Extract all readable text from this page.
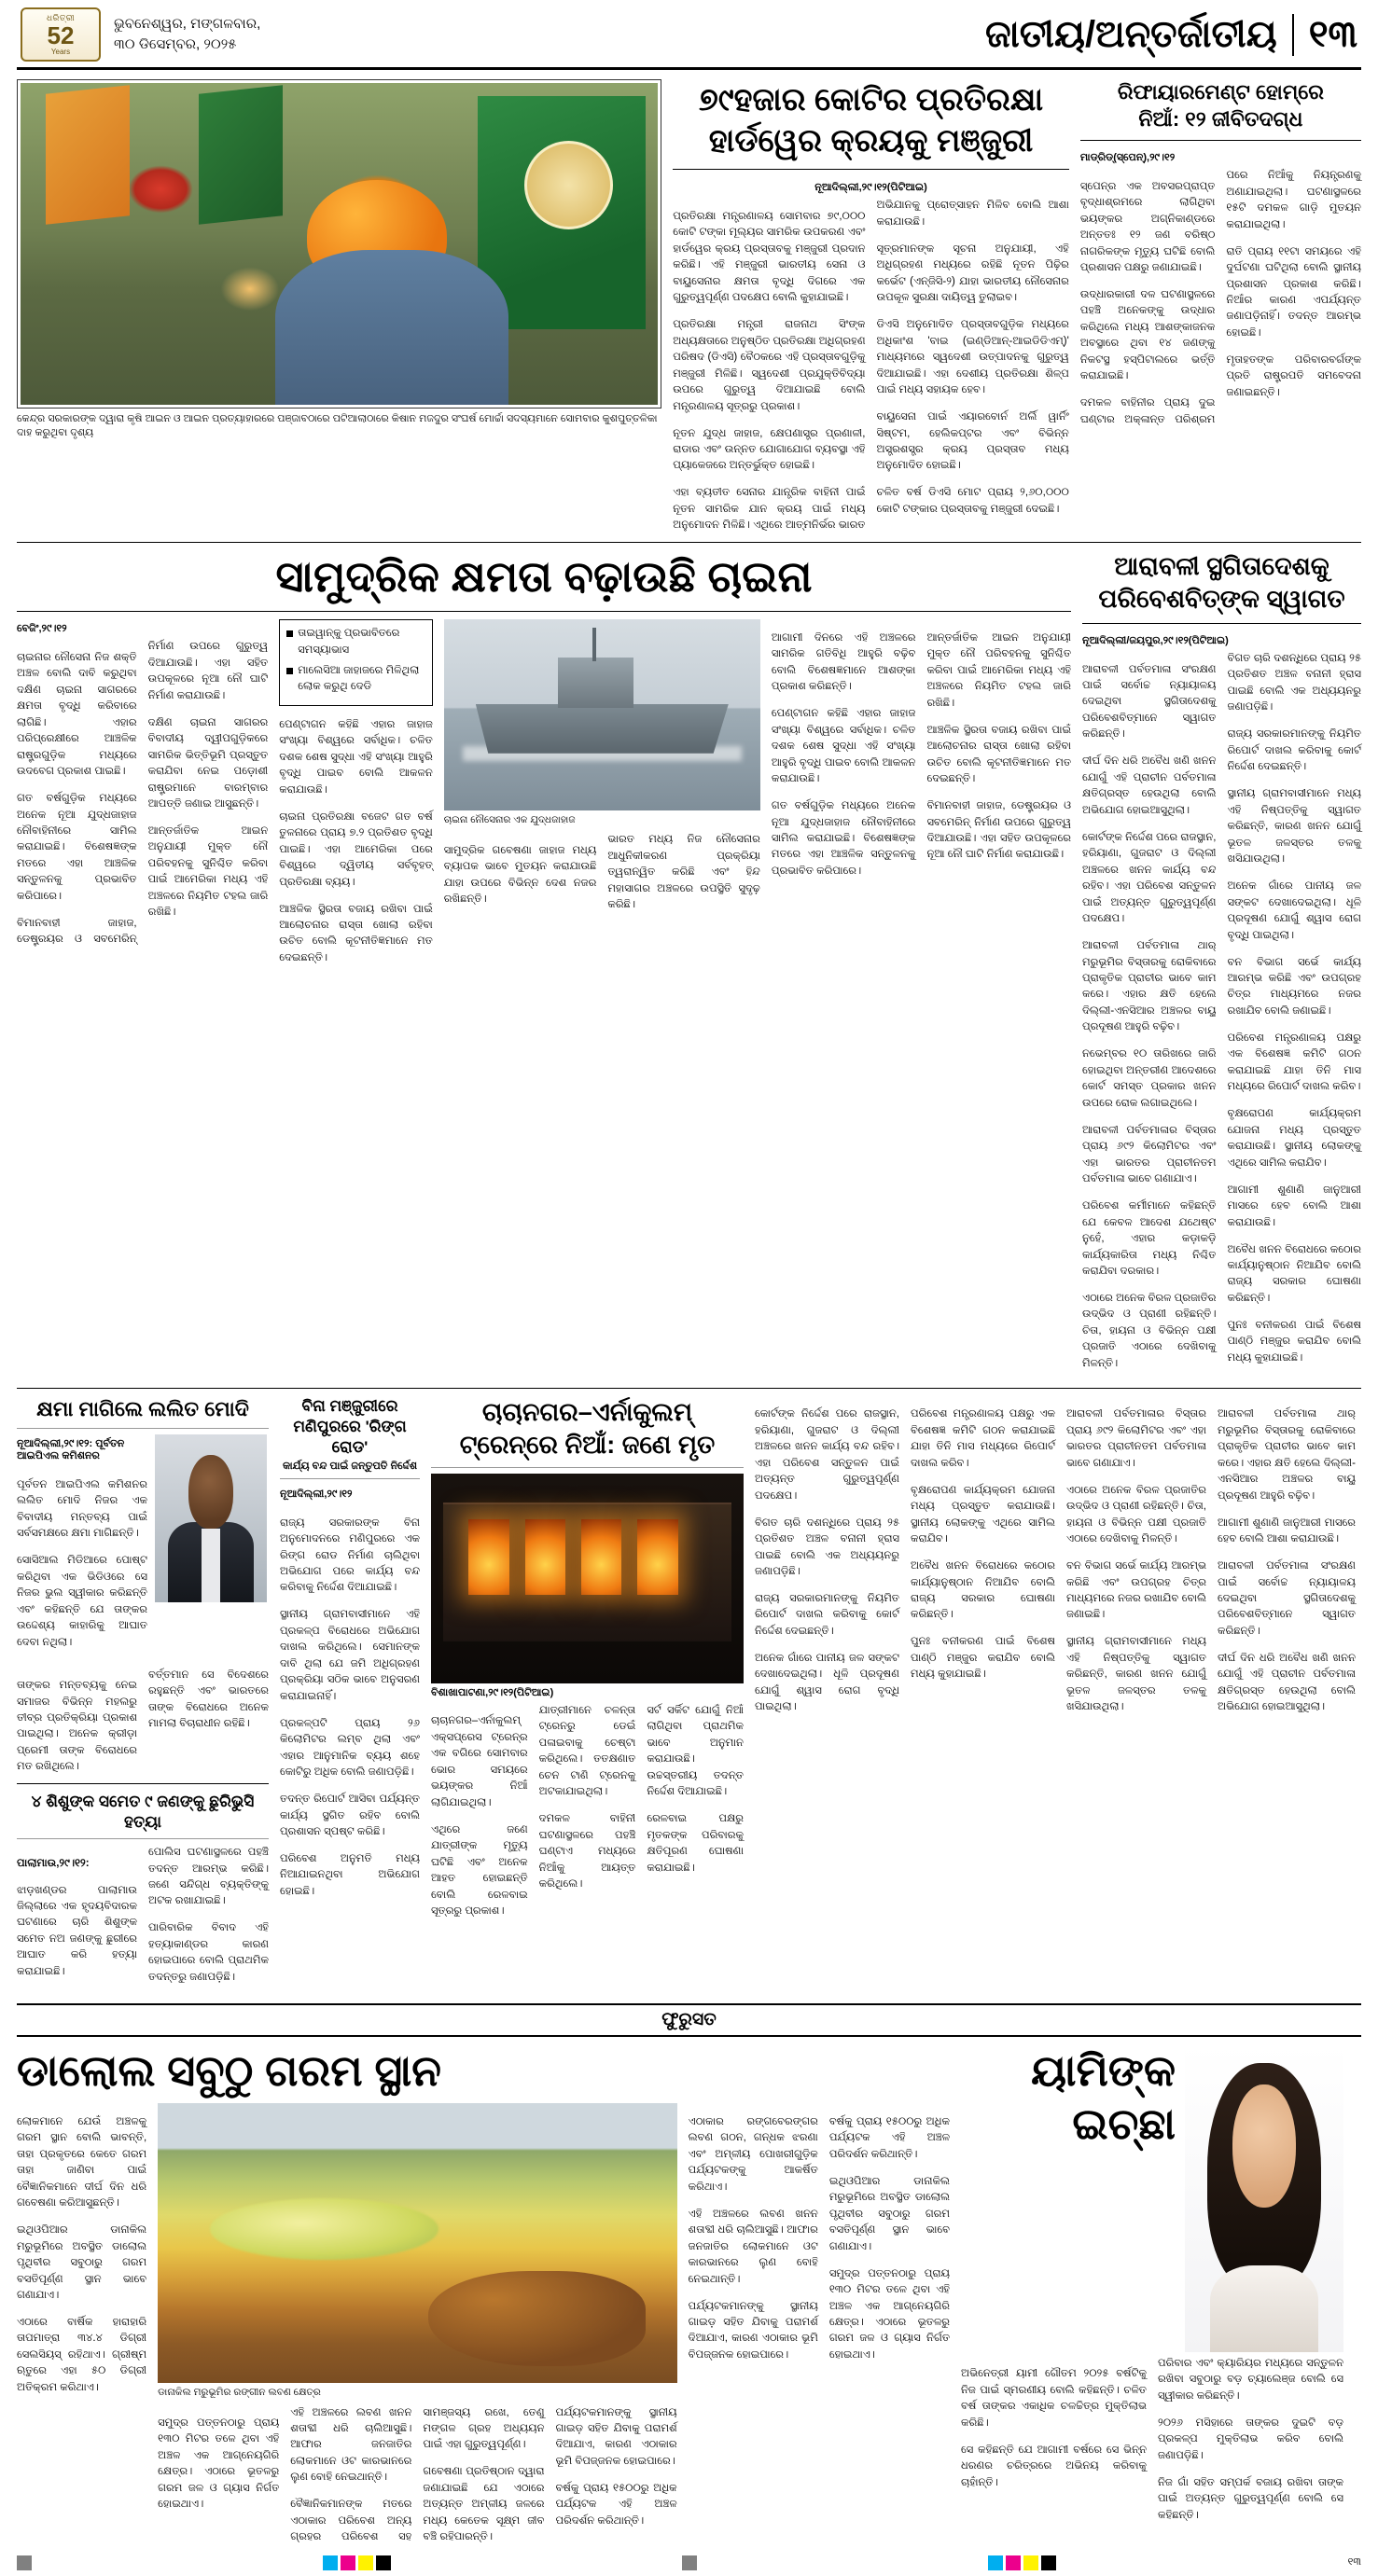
ଧରିତ୍ରୀ
52
Years
ଭୁବନେଶ୍ୱର, ମଙ୍ଗଳବାର,
୩୦ ଡିସେମ୍ବର, ୨୦୨୫	ଜାତୀୟ/ଅନ୍ତର୍ଜାତୀୟ ୧୩
କେନ୍ଦ୍ର ସରକାରଙ୍କ ଦ୍ୱାରା କୃଷି ଆଇନ ଓ ଆଇନ ପ୍ରତ୍ୟାହାରରେ ପଞ୍ଜାବଠାରେ ପଟିଆଲାଠାରେ କିଷାନ ମଜଦୁର ସଂଘର୍ଷ ମୋର୍ଚ୍ଚା ସଦସ୍ୟମାନେ ସୋମବାର କୁଶପୁତ୍ତଳିକା ଦାହ କରୁଥିବା ଦୃଶ୍ୟ
୭୯ହଜାର କୋଟିର ପ୍ରତିରକ୍ଷା
ହାର୍ଡୱେର କ୍ରୟକୁ ମଞ୍ଜୁରୀ
ନୂଆଦିଲ୍ଲୀ,୨୯।୧୨(ପିଟିଆଇ)

ପ୍ରତିରକ୍ଷା ମନ୍ତ୍ରଣାଳୟ ସୋମବାର ୭୯,୦୦୦ କୋଟି ଟଙ୍କା ମୂଲ୍ୟର ସାମରିକ ଉପକରଣ ଏବଂ ହାର୍ଡୱେର କ୍ରୟ ପ୍ରସ୍ତାବକୁ ମଞ୍ଜୁରୀ ପ୍ରଦାନ କରିଛି। ଏହି ମଞ୍ଜୁରୀ ଭାରତୀୟ ସେନା ଓ ବାୟୁସେନାର କ୍ଷମତା ବୃଦ୍ଧି ଦିଗରେ ଏକ ଗୁରୁତ୍ୱପୂର୍ଣ୍ଣ ପଦକ୍ଷେପ ବୋଲି କୁହାଯାଇଛି।

ପ୍ରତିରକ୍ଷା ମନ୍ତ୍ରୀ ରାଜନାଥ ସିଂଙ୍କ ଅଧ୍ୟକ୍ଷତାରେ ଅନୁଷ୍ଠିତ ପ୍ରତିରକ୍ଷା ଅଧିଗ୍ରହଣ ପରିଷଦ (ଡିଏସି) ବୈଠକରେ ଏହି ପ୍ରସ୍ତାବଗୁଡ଼ିକୁ ମଞ୍ଜୁରୀ ମିଳିଛି। ସ୍ୱଦେଶୀ ପ୍ରଯୁକ୍ତିବିଦ୍ୟା ଉପରେ ଗୁରୁତ୍ୱ ଦିଆଯାଇଛି ବୋଲି ମନ୍ତ୍ରଣାଳୟ ସୂତ୍ରରୁ ପ୍ରକାଶ।

ନୂତନ ଯୁଦ୍ଧ ଜାହାଜ, କ୍ଷେପଣାସ୍ତ୍ର ପ୍ରଣାଳୀ, ରାଡାର ଏବଂ ଉନ୍ନତ ଯୋଗାଯୋଗ ବ୍ୟବସ୍ଥା ଏହି ପ୍ୟାକେଜରେ ଅନ୍ତର୍ଭୁକ୍ତ ହୋଇଛି।

ଏହା ବ୍ୟତୀତ ସେନାର ଯାନ୍ତ୍ରିକ ବାହିନୀ ପାଇଁ ନୂତନ ସାମରିକ ଯାନ କ୍ରୟ ପାଇଁ ମଧ୍ୟ ଅନୁମୋଦନ ମିଳିଛି। ଏଥିରେ ଆତ୍ମନିର୍ଭର ଭାରତ ଅଭିଯାନକୁ ପ୍ରୋତ୍ସାହନ ମିଳିବ ବୋଲି ଆଶା କରାଯାଉଛି।

ସୂତ୍ରମାନଙ୍କ ସୂଚନା ଅନୁଯାୟୀ, ଏହି ଅଧିଗ୍ରହଣ ମଧ୍ୟରେ ରହିଛି ନୂତନ ପିଢ଼ିର କର୍ଭେଟ (ଏନ୍‌ଜିସି-୨) ଯାହା ଭାରତୀୟ ନୌସେନାର ଉପକୂଳ ସୁରକ୍ଷା ଦାୟିତ୍ୱ ତୁଲାଇବ।

ଡିଏସି ଅନୁମୋଦିତ ପ୍ରସ୍ତାବଗୁଡ଼ିକ ମଧ୍ୟରେ ଅଧିକାଂଶ 'ବାଇ (ଇଣ୍ଡିଆନ୍‌-ଆଇଡିଡିଏମ୍)' ମାଧ୍ୟମରେ ସ୍ୱଦେଶୀ ଉତ୍ପାଦନକୁ ଗୁରୁତ୍ୱ ଦିଆଯାଇଛି। ଏହା ଦେଶୀୟ ପ୍ରତିରକ୍ଷା ଶିଳ୍ପ ପାଇଁ ମଧ୍ୟ ସହାୟକ ହେବ।

ବାୟୁସେନା ପାଇଁ ଏୟାରବୋର୍ନ ଅର୍ଲି ୱାର୍ନିଂ ସିଷ୍ଟମ, ହେଲିକପ୍ଟର ଏବଂ ବିଭିନ୍ନ ଅସ୍ତ୍ରଶସ୍ତ୍ର କ୍ରୟ ପ୍ରସ୍ତାବ ମଧ୍ୟ ଅନୁମୋଦିତ ହୋଇଛି।

ଚଳିତ ବର୍ଷ ଡିଏସି ମୋଟ ପ୍ରାୟ ୨,୬୦,୦୦୦ କୋଟି ଟଙ୍କାର ପ୍ରସ୍ତାବକୁ ମଞ୍ଜୁରୀ ଦେଇଛି।

ରିଫାୟାରମେଣ୍ଟ ହୋମ୍‌ରେ
ନିଆଁ: ୧୨ ଜୀବିତଦଗ୍ଧ
ମାଡ୍ରିଡ୍‌(ସ୍ପେନ୍),୨୯।୧୨

ସ୍ପେନ୍‌ର ଏକ ଅବସରପ୍ରାପ୍ତ ବୃଦ୍ଧାଶ୍ରମରେ ଲାଗିଥିବା ଭୟଙ୍କର ଅଗ୍ନିକାଣ୍ଡରେ ଅନ୍ତତଃ ୧୨ ଜଣ ବରିଷ୍ଠ ନାଗରିକଙ୍କ ମୃତ୍ୟୁ ଘଟିଛି ବୋଲି ପ୍ରଶାସନ ପକ୍ଷରୁ ଜଣାଯାଇଛି।

ଉଦ୍ଧାରକାରୀ ଦଳ ଘଟଣାସ୍ଥଳରେ ପହଞ୍ଚି ଅନେକଙ୍କୁ ଉଦ୍ଧାର କରିଥିଲେ ମଧ୍ୟ ଆଶଙ୍କାଜନକ ଅବସ୍ଥାରେ ଥିବା ୧୪ ଜଣଙ୍କୁ ନିକଟସ୍ଥ ହସ୍ପିଟାଲରେ ଭର୍ତ୍ତି କରାଯାଇଛି।

ଦମକଳ ବାହିନୀର ପ୍ରାୟ ଦୁଇ ଘଣ୍ଟାର ଅକ୍ଳାନ୍ତ ପରିଶ୍ରମ ପରେ ନିଆଁକୁ ନିୟନ୍ତ୍ରଣକୁ ଅଣାଯାଇଥିଲା। ଘଟଣାସ୍ଥଳରେ ୧୫ଟି ଦମକଳ ଗାଡ଼ି ମୁତୟନ କରାଯାଇଥିଲା।

ରାତି ପ୍ରାୟ ୧୧ଟା ସମୟରେ ଏହି ଦୁର୍ଘଟଣା ଘଟିଥିଲା ବୋଲି ସ୍ଥାନୀୟ ପ୍ରଶାସନ ପ୍ରକାଶ କରିଛି। ନିଆଁର କାରଣ ଏପର୍ଯ୍ୟନ୍ତ ଜଣାପଡ଼ିନାହିଁ। ତଦନ୍ତ ଆରମ୍ଭ ହୋଇଛି।

ମୃତାହତଙ୍କ ପରିବାରବର୍ଗଙ୍କ ପ୍ରତି ରାଷ୍ଟ୍ରପତି ସମବେଦନା ଜଣାଇଛନ୍ତି।

ସାମୁଦ୍ରିକ କ୍ଷମତା ବଢ଼ାଉଛି ଚାଇନା
ବେଜିଂ,୨୯।୧୨

ଚାଇନାର ନୌସେନା ନିଜ ଶକ୍ତି ଅଞ୍ଚଳ ବୋଲି ଦାବି କରୁଥିବା ଦକ୍ଷିଣ ଚାଇନା ସାଗରରେ କ୍ଷମତା ବୃଦ୍ଧି କରିବାରେ ଲାଗିଛି। ଏହାର ପରିପ୍ରେକ୍ଷୀରେ ଆଞ୍ଚଳିକ ରାଷ୍ଟ୍ରଗୁଡ଼ିକ ମଧ୍ୟରେ ଉଦବେଗ ପ୍ରକାଶ ପାଇଛି।

ଗତ ବର୍ଷଗୁଡ଼ିକ ମଧ୍ୟରେ ଅନେକ ନୂଆ ଯୁଦ୍ଧଜାହାଜ ନୌବାହିନୀରେ ସାମିଲ କରାଯାଇଛି। ବିଶେଷଜ୍ଞଙ୍କ ମତରେ ଏହା ଆଞ୍ଚଳିକ ସନ୍ତୁଳନକୁ ପ୍ରଭାବିତ କରିପାରେ।

ବିମାନବାହୀ ଜାହାଜ, ଡେଷ୍ଟ୍ରୟର ଓ ସବମେରିନ୍ ନିର୍ମାଣ ଉପରେ ଗୁରୁତ୍ୱ ଦିଆଯାଉଛି। ଏହା ସହିତ ଉପକୂଳରେ ନୂଆ ନୌ ଘାଟି ନିର୍ମାଣ କରାଯାଉଛି।

ଦକ୍ଷିଣ ଚାଇନା ସାଗରର ବିବାଦୀୟ ଦ୍ୱୀପଗୁଡ଼ିକରେ ସାମରିକ ଭିତ୍ତିଭୂମି ପ୍ରସ୍ତୁତ କରାଯିବା ନେଇ ପଡ଼ୋଶୀ ରାଷ୍ଟ୍ରମାନେ ବାରମ୍ବାର ଆପତ୍ତି ଜଣାଇ ଆସୁଛନ୍ତି।

ଆନ୍ତର୍ଜାତିକ ଆଇନ ଅନୁଯାୟୀ ମୁକ୍ତ ନୌ ପରିବହନକୁ ସୁନିଶ୍ଚିତ କରିବା ପାଇଁ ଆମେରିକା ମଧ୍ୟ ଏହି ଅଞ୍ଚଳରେ ନିୟମିତ ଟହଲ ଜାରି ରଖିଛି।

ତାଇୱାନ୍‌କୁ ପ୍ରଭାବିତରେ ସମସ୍ୟାଭାସ
ମାଲେସିଆ ଜାହାଜରେ ମିଳିଥିଲା ଲୋକ କରୁଥି ଦେଡି

ପେଣ୍ଟାଗନ କହିଛି ଏହାର ଜାହାଜ ସଂଖ୍ୟା ବିଶ୍ୱରେ ସର୍ବାଧିକ। ଚଳିତ ଦଶକ ଶେଷ ସୁଦ୍ଧା ଏହି ସଂଖ୍ୟା ଆହୁରି ବୃଦ୍ଧି ପାଇବ ବୋଲି ଆକଳନ କରାଯାଉଛି।

ଚାଇନା ପ୍ରତିରକ୍ଷା ବଜେଟ ଗତ ବର୍ଷ ତୁଳନାରେ ପ୍ରାୟ ୭.୨ ପ୍ରତିଶତ ବୃଦ୍ଧି ପାଇଛି। ଏହା ଆମେରିକା ପରେ ବିଶ୍ୱରେ ଦ୍ୱିତୀୟ ସର୍ବବୃହତ୍ ପ୍ରତିରକ୍ଷା ବ୍ୟୟ।

ଆଞ୍ଚଳିକ ସ୍ଥିରତା ବଜାୟ ରଖିବା ପାଇଁ ଆଲୋଚନାର ରାସ୍ତା ଖୋଲା ରହିବା ଉଚିତ ବୋଲି କୂଟନୀତିଜ୍ଞମାନେ ମତ ଦେଇଛନ୍ତି।

ଚାଇନା ନୌସେନାର ଏକ ଯୁଦ୍ଧଜାହାଜ

ସାମୁଦ୍ରିକ ଗବେଷଣା ଜାହାଜ ମଧ୍ୟ ବ୍ୟାପକ ଭାବେ ମୁତୟନ କରାଯାଉଛି ଯାହା ଉପରେ ବିଭିନ୍ନ ଦେଶ ନଜର ରଖିଛନ୍ତି।

ଭାରତ ମଧ୍ୟ ନିଜ ନୌସେନାର ଆଧୁନିକୀକରଣ ପ୍ରକ୍ରିୟା ତ୍ୱରାନ୍ୱିତ କରିଛି ଏବଂ ହିନ୍ଦ ମହାସାଗର ଅଞ୍ଚଳରେ ଉପସ୍ଥିତି ସୁଦୃଢ଼ କରିଛି।

ଆଗାମୀ ଦିନରେ ଏହି ଅଞ୍ଚଳରେ ସାମରିକ ଗତିବିଧି ଆହୁରି ବଢ଼ିବ ବୋଲି ବିଶେଷଜ୍ଞମାନେ ଆଶଙ୍କା ପ୍ରକାଶ କରିଛନ୍ତି।

ପେଣ୍ଟାଗନ କହିଛି ଏହାର ଜାହାଜ ସଂଖ୍ୟା ବିଶ୍ୱରେ ସର୍ବାଧିକ। ଚଳିତ ଦଶକ ଶେଷ ସୁଦ୍ଧା ଏହି ସଂଖ୍ୟା ଆହୁରି ବୃଦ୍ଧି ପାଇବ ବୋଲି ଆକଳନ କରାଯାଉଛି।

ଗତ ବର୍ଷଗୁଡ଼ିକ ମଧ୍ୟରେ ଅନେକ ନୂଆ ଯୁଦ୍ଧଜାହାଜ ନୌବାହିନୀରେ ସାମିଲ କରାଯାଇଛି। ବିଶେଷଜ୍ଞଙ୍କ ମତରେ ଏହା ଆଞ୍ଚଳିକ ସନ୍ତୁଳନକୁ ପ୍ରଭାବିତ କରିପାରେ।

ଆନ୍ତର୍ଜାତିକ ଆଇନ ଅନୁଯାୟୀ ମୁକ୍ତ ନୌ ପରିବହନକୁ ସୁନିଶ୍ଚିତ କରିବା ପାଇଁ ଆମେରିକା ମଧ୍ୟ ଏହି ଅଞ୍ଚଳରେ ନିୟମିତ ଟହଲ ଜାରି ରଖିଛି।

ଆଞ୍ଚଳିକ ସ୍ଥିରତା ବଜାୟ ରଖିବା ପାଇଁ ଆଲୋଚନାର ରାସ୍ତା ଖୋଲା ରହିବା ଉଚିତ ବୋଲି କୂଟନୀତିଜ୍ଞମାନେ ମତ ଦେଇଛନ୍ତି।

ବିମାନବାହୀ ଜାହାଜ, ଡେଷ୍ଟ୍ରୟର ଓ ସବମେରିନ୍ ନିର୍ମାଣ ଉପରେ ଗୁରୁତ୍ୱ ଦିଆଯାଉଛି। ଏହା ସହିତ ଉପକୂଳରେ ନୂଆ ନୌ ଘାଟି ନିର୍ମାଣ କରାଯାଉଛି।

ଆରାବଳୀ ସ୍ଥଗିତାଦେଶକୁ
ପରିବେଶବିତ୍‌ଙ୍କ ସ୍ୱାଗତ
ନୂଆଦିଲ୍ଲୀ/ଜୟପୁର,୨୯।୧୨(ପିଟିଆଇ)

ଆରାବଳୀ ପର୍ବତମାଳା ସଂରକ୍ଷଣ ପାଇଁ ସର୍ବୋଚ୍ଚ ନ୍ୟାୟାଳୟ ଦେଇଥିବା ସ୍ଥଗିତାଦେଶକୁ ପରିବେଶବିତ୍‌ମାନେ ସ୍ୱାଗତ କରିଛନ୍ତି।

ଦୀର୍ଘ ଦିନ ଧରି ଅବୈଧ ଖଣି ଖନନ ଯୋଗୁଁ ଏହି ପ୍ରାଚୀନ ପର୍ବତମାଳା କ୍ଷତିଗ୍ରସ୍ତ ହେଉଥିଲା ବୋଲି ଅଭିଯୋଗ ହୋଇଆସୁଥିଲା।

କୋର୍ଟଙ୍କ ନିର୍ଦ୍ଦେଶ ପରେ ରାଜସ୍ଥାନ, ହରିୟାଣା, ଗୁଜରାଟ ଓ ଦିଲ୍ଲୀ ଅଞ୍ଚଳରେ ଖନନ କାର୍ଯ୍ୟ ବନ୍ଦ ରହିବ। ଏହା ପରିବେଶ ସନ୍ତୁଳନ ପାଇଁ ଅତ୍ୟନ୍ତ ଗୁରୁତ୍ୱପୂର୍ଣ୍ଣ ପଦକ୍ଷେପ।

ଆରାବଳୀ ପର୍ବତମାଳା ଥାର୍ ମରୁଭୂମିର ବିସ୍ତାରକୁ ରୋକିବାରେ ପ୍ରାକୃତିକ ପ୍ରାଚୀର ଭାବେ କାମ କରେ। ଏହାର କ୍ଷତି ହେଲେ ଦିଲ୍ଲୀ-ଏନସିଆର ଅଞ୍ଚଳର ବାୟୁ ପ୍ରଦୂଷଣ ଆହୁରି ବଢ଼ିବ।

ନଭେମ୍ବର ୧୦ ତାରିଖରେ ଜାରି ହୋଇଥିବା ଅନ୍ତରୀଣ ଆଦେଶରେ କୋର୍ଟ ସମସ୍ତ ପ୍ରକାର ଖନନ ଉପରେ ରୋକ ଲଗାଇଥିଲେ।

ଆରାବଳୀ ପର୍ବତମାଳାର ବିସ୍ତାର ପ୍ରାୟ ୬୯୨ କିଲୋମିଟର ଏବଂ ଏହା ଭାରତର ପ୍ରାଚୀନତମ ପର୍ବତମାଳା ଭାବେ ଗଣାଯାଏ।

ପରିବେଶ କର୍ମୀମାନେ କହିଛନ୍ତି ଯେ କେବଳ ଆଦେଶ ଯଥେଷ୍ଟ ନୁହେଁ, ଏହାର କଡ଼ାକଡ଼ି କାର୍ଯ୍ୟକାରିତା ମଧ୍ୟ ନିଶ୍ଚିତ କରାଯିବା ଦରକାର।

ଏଠାରେ ଅନେକ ବିରଳ ପ୍ରଜାତିର ଉଦ୍ଭିଦ ଓ ପ୍ରାଣୀ ରହିଛନ୍ତି। ଚିତା, ହାୟନା ଓ ବିଭିନ୍ନ ପକ୍ଷୀ ପ୍ରଜାତି ଏଠାରେ ଦେଖିବାକୁ ମିଳନ୍ତି।

ବିଗତ ଚାରି ଦଶନ୍ଧିରେ ପ୍ରାୟ ୨୫ ପ୍ରତିଶତ ଅଞ୍ଚଳ ବନାନୀ ହ୍ରାସ ପାଇଛି ବୋଲି ଏକ ଅଧ୍ୟୟନରୁ ଜଣାପଡ଼ିଛି।

ରାଜ୍ୟ ସରକାରମାନଙ୍କୁ ନିୟମିତ ରିପୋର୍ଟ ଦାଖଲ କରିବାକୁ କୋର୍ଟ ନିର୍ଦ୍ଦେଶ ଦେଇଛନ୍ତି।

ସ୍ଥାନୀୟ ଗ୍ରାମବାସୀମାନେ ମଧ୍ୟ ଏହି ନିଷ୍ପତ୍ତିକୁ ସ୍ୱାଗତ କରିଛନ୍ତି, କାରଣ ଖନନ ଯୋଗୁଁ ଭୂତଳ ଜଳସ୍ତର ତଳକୁ ଖସିଯାଉଥିଲା।

ଅନେକ ଗାଁରେ ପାନୀୟ ଜଳ ସଙ୍କଟ ଦେଖାଦେଇଥିଲା। ଧୂଳି ପ୍ରଦୂଷଣ ଯୋଗୁଁ ଶ୍ୱାସ ରୋଗ ବୃଦ୍ଧି ପାଇଥିଲା।

ବନ ବିଭାଗ ସର୍ଭେ କାର୍ଯ୍ୟ ଆରମ୍ଭ କରିଛି ଏବଂ ଉପଗ୍ରହ ଚିତ୍ର ମାଧ୍ୟମରେ ନଜର ରଖାଯିବ ବୋଲି ଜଣାଇଛି।

ପରିବେଶ ମନ୍ତ୍ରଣାଳୟ ପକ୍ଷରୁ ଏକ ବିଶେଷଜ୍ଞ କମିଟି ଗଠନ କରାଯାଇଛି ଯାହା ତିନି ମାସ ମଧ୍ୟରେ ରିପୋର୍ଟ ଦାଖଲ କରିବ।

ବୃକ୍ଷରୋପଣ କାର୍ଯ୍ୟକ୍ରମ ଯୋଜନା ମଧ୍ୟ ପ୍ରସ୍ତୁତ କରାଯାଉଛି। ସ୍ଥାନୀୟ ଲୋକଙ୍କୁ ଏଥିରେ ସାମିଲ କରାଯିବ।

ଆଗାମୀ ଶୁଣାଣି ଜାନୁଆରୀ ମାସରେ ହେବ ବୋଲି ଆଶା କରାଯାଉଛି।

ଅବୈଧ ଖନନ ବିରୋଧରେ କଠୋର କାର୍ଯ୍ୟାନୁଷ୍ଠାନ ନିଆଯିବ ବୋଲି ରାଜ୍ୟ ସରକାର ଘୋଷଣା କରିଛନ୍ତି।

ପୁନଃ ବନୀକରଣ ପାଇଁ ବିଶେଷ ପାଣ୍ଠି ମଞ୍ଜୁର କରାଯିବ ବୋଲି ମଧ୍ୟ କୁହାଯାଇଛି।

କ୍ଷମା ମାଗିଲେ ଲଲିତ ମୋଦି
ନୂଆଦିଲ୍ଲୀ,୨୯।୧୨: ପୂର୍ବତନ ଆଇପିଏଲ କମିଶନର

ପୂର୍ବତନ ଆଇପିଏଲ କମିଶନର ଲଲିତ ମୋଦି ନିଜର ଏକ ବିବାଦୀୟ ମନ୍ତବ୍ୟ ପାଇଁ ସର୍ବସମକ୍ଷରେ କ୍ଷମା ମାଗିଛନ୍ତି।

ସୋସିଆଲ ମିଡିଆରେ ପୋଷ୍ଟ କରିଥିବା ଏକ ଭିଡିଓରେ ସେ ନିଜର ଭୁଲ ସ୍ୱୀକାର କରିଛନ୍ତି ଏବଂ କହିଛନ୍ତି ଯେ ତାଙ୍କର ଉଦ୍ଦେଶ୍ୟ କାହାରିକୁ ଆଘାତ ଦେବା ନଥିଲା।

ତାଙ୍କର ମନ୍ତବ୍ୟକୁ ନେଇ ସମାଜର ବିଭିନ୍ନ ମହଲରୁ ତୀବ୍ର ପ୍ରତିକ୍ରିୟା ପ୍ରକାଶ ପାଇଥିଲା। ଅନେକ କ୍ରୀଡ଼ା ପ୍ରେମୀ ତାଙ୍କ ବିରୋଧରେ ମତ ରଖିଥିଲେ।

ବର୍ତ୍ତମାନ ସେ ବିଦେଶରେ ରହୁଛନ୍ତି ଏବଂ ଭାରତରେ ତାଙ୍କ ବିରୋଧରେ ଅନେକ ମାମଲା ବିଚାରାଧୀନ ରହିଛି।

୪ ଶିଶୁଙ୍କ ସମେତ ୯ ଜଣଙ୍କୁ ଛୁରିଭୁସି ହତ୍ୟା

ପାଲାମାଉ,୨୯।୧୨:

ଝାଡ଼ଖଣ୍ଡର ପାଲାମାଉ ଜିଲ୍ଲାରେ ଏକ ହୃଦୟବିଦାରକ ଘଟଣାରେ ଚାରି ଶିଶୁଙ୍କ ସମେତ ନଅ ଜଣଙ୍କୁ ଛୁରୀରେ ଆଘାତ କରି ହତ୍ୟା କରାଯାଇଛି।

ପୋଲିସ ଘଟଣାସ୍ଥଳରେ ପହଞ୍ଚି ତଦନ୍ତ ଆରମ୍ଭ କରିଛି। ଜଣେ ସନ୍ଦିଗ୍ଧ ବ୍ୟକ୍ତିଙ୍କୁ ଅଟକ ରଖାଯାଇଛି।

ପାରିବାରିକ ବିବାଦ ଏହି ହତ୍ୟାକାଣ୍ଡର କାରଣ ହୋଇପାରେ ବୋଲି ପ୍ରାଥମିକ ତଦନ୍ତରୁ ଜଣାପଡ଼ିଛି।

ବିନା ମଞ୍ଜୁରୀରେ
ମଣିପୁରରେ 'ରିଙ୍ଗ ରୋଡ'
କାର୍ଯ୍ୟ ବନ୍ଦ ପାଇଁ ଜନ୍ତୁପତି ନିର୍ଦ୍ଦେଶ
ନୂଆଦିଲ୍ଲୀ,୨୯।୧୨

ରାଜ୍ୟ ସରକାରଙ୍କ ବିନା ଅନୁମୋଦନରେ ମଣିପୁରରେ ଏକ ରିଙ୍ଗ ରୋଡ ନିର୍ମାଣ ଚାଲିଥିବା ଅଭିଯୋଗ ପରେ କାର୍ଯ୍ୟ ବନ୍ଦ କରିବାକୁ ନିର୍ଦ୍ଦେଶ ଦିଆଯାଇଛି।

ସ୍ଥାନୀୟ ଗ୍ରାମବାସୀମାନେ ଏହି ପ୍ରକଳ୍ପ ବିରୋଧରେ ଅଭିଯୋଗ ଦାଖଲ କରିଥିଲେ। ସେମାନଙ୍କ ଦାବି ଥିଲା ଯେ ଜମି ଅଧିଗ୍ରହଣ ପ୍ରକ୍ରିୟା ସଠିକ ଭାବେ ଅନୁସରଣ କରାଯାଇନାହିଁ।

ପ୍ରକଳ୍ପଟି ପ୍ରାୟ ୨୬ କିଲୋମିଟର ଲମ୍ବ ଥିଲା ଏବଂ ଏହାର ଆନୁମାନିକ ବ୍ୟୟ ଶହେ କୋଟିରୁ ଅଧିକ ବୋଲି ଜଣାପଡ଼ିଛି।

ତଦନ୍ତ ରିପୋର୍ଟ ଆସିବା ପର୍ଯ୍ୟନ୍ତ କାର୍ଯ୍ୟ ସ୍ଥଗିତ ରହିବ ବୋଲି ପ୍ରଶାସନ ସ୍ପଷ୍ଟ କରିଛି।

ପରିବେଶ ଅନୁମତି ମଧ୍ୟ ନିଆଯାଇନଥିବା ଅଭିଯୋଗ ହୋଇଛି।

ଚାଚାନଗର–ଏର୍ନାକୁଲମ୍
ଟ୍ରେନ୍‌ରେ ନିଆଁ: ଜଣେ ମୃତ
ବିଶାଖାପାଟଣା,୨୯।୧୨(ପିଟିଆଇ)

ଚାଚାନଗର–ଏର୍ନାକୁଲମ୍ ଏକ୍ସପ୍ରେସ ଟ୍ରେନ୍‌ର ଏକ ବଗିରେ ସୋମବାର ଭୋର ସମୟରେ ଭୟଙ୍କର ନିଆଁ ଲାଗିଯାଇଥିଲା।

ଏଥିରେ ଜଣେ ଯାତ୍ରୀଙ୍କ ମୃତ୍ୟୁ ଘଟିଛି ଏବଂ ଅନେକ ଆହତ ହୋଇଛନ୍ତି ବୋଲି ରେଳବାଇ ସୂତ୍ରରୁ ପ୍ରକାଶ।

ଯାତ୍ରୀମାନେ ଚଳନ୍ତା ଟ୍ରେନରୁ ଡେଇଁ ପଳାଇବାକୁ ଚେଷ୍ଟା କରିଥିଲେ। ତତକ୍ଷଣାତ ଚେନ ଟାଣି ଟ୍ରେନକୁ ଅଟକାଯାଇଥିଲା।

ଦମକଳ ବାହିନୀ ଘଟଣାସ୍ଥଳରେ ପହଞ୍ଚି ଘଣ୍ଟାଏ ମଧ୍ୟରେ ନିଆଁକୁ ଆୟତ୍ତ କରିଥିଲେ।

ସର୍ଟ ସର୍କିଟ ଯୋଗୁଁ ନିଆଁ ଲାଗିଥିବା ପ୍ରାଥମିକ ଭାବେ ଅନୁମାନ କରାଯାଉଛି। ଉଚ୍ଚସ୍ତରୀୟ ତଦନ୍ତ ନିର୍ଦ୍ଦେଶ ଦିଆଯାଇଛି।

ରେଳବାଇ ପକ୍ଷରୁ ମୃତକଙ୍କ ପରିବାରକୁ କ୍ଷତିପୂରଣ ଘୋଷଣା କରାଯାଇଛି।

କୋର୍ଟଙ୍କ ନିର୍ଦ୍ଦେଶ ପରେ ରାଜସ୍ଥାନ, ହରିୟାଣା, ଗୁଜରାଟ ଓ ଦିଲ୍ଲୀ ଅଞ୍ଚଳରେ ଖନନ କାର୍ଯ୍ୟ ବନ୍ଦ ରହିବ। ଏହା ପରିବେଶ ସନ୍ତୁଳନ ପାଇଁ ଅତ୍ୟନ୍ତ ଗୁରୁତ୍ୱପୂର୍ଣ୍ଣ ପଦକ୍ଷେପ।

ବିଗତ ଚାରି ଦଶନ୍ଧିରେ ପ୍ରାୟ ୨୫ ପ୍ରତିଶତ ଅଞ୍ଚଳ ବନାନୀ ହ୍ରାସ ପାଇଛି ବୋଲି ଏକ ଅଧ୍ୟୟନରୁ ଜଣାପଡ଼ିଛି।

ରାଜ୍ୟ ସରକାରମାନଙ୍କୁ ନିୟମିତ ରିପୋର୍ଟ ଦାଖଲ କରିବାକୁ କୋର୍ଟ ନିର୍ଦ୍ଦେଶ ଦେଇଛନ୍ତି।

ଅନେକ ଗାଁରେ ପାନୀୟ ଜଳ ସଙ୍କଟ ଦେଖାଦେଇଥିଲା। ଧୂଳି ପ୍ରଦୂଷଣ ଯୋଗୁଁ ଶ୍ୱାସ ରୋଗ ବୃଦ୍ଧି ପାଇଥିଲା।

ପରିବେଶ ମନ୍ତ୍ରଣାଳୟ ପକ୍ଷରୁ ଏକ ବିଶେଷଜ୍ଞ କମିଟି ଗଠନ କରାଯାଇଛି ଯାହା ତିନି ମାସ ମଧ୍ୟରେ ରିପୋର୍ଟ ଦାଖଲ କରିବ।

ବୃକ୍ଷରୋପଣ କାର୍ଯ୍ୟକ୍ରମ ଯୋଜନା ମଧ୍ୟ ପ୍ରସ୍ତୁତ କରାଯାଉଛି। ସ୍ଥାନୀୟ ଲୋକଙ୍କୁ ଏଥିରେ ସାମିଲ କରାଯିବ।

ଅବୈଧ ଖନନ ବିରୋଧରେ କଠୋର କାର୍ଯ୍ୟାନୁଷ୍ଠାନ ନିଆଯିବ ବୋଲି ରାଜ୍ୟ ସରକାର ଘୋଷଣା କରିଛନ୍ତି।

ପୁନଃ ବନୀକରଣ ପାଇଁ ବିଶେଷ ପାଣ୍ଠି ମଞ୍ଜୁର କରାଯିବ ବୋଲି ମଧ୍ୟ କୁହାଯାଇଛି।

ଆରାବଳୀ ପର୍ବତମାଳାର ବିସ୍ତାର ପ୍ରାୟ ୬୯୨ କିଲୋମିଟର ଏବଂ ଏହା ଭାରତର ପ୍ରାଚୀନତମ ପର୍ବତମାଳା ଭାବେ ଗଣାଯାଏ।

ଏଠାରେ ଅନେକ ବିରଳ ପ୍ରଜାତିର ଉଦ୍ଭିଦ ଓ ପ୍ରାଣୀ ରହିଛନ୍ତି। ଚିତା, ହାୟନା ଓ ବିଭିନ୍ନ ପକ୍ଷୀ ପ୍ରଜାତି ଏଠାରେ ଦେଖିବାକୁ ମିଳନ୍ତି।

ବନ ବିଭାଗ ସର୍ଭେ କାର୍ଯ୍ୟ ଆରମ୍ଭ କରିଛି ଏବଂ ଉପଗ୍ରହ ଚିତ୍ର ମାଧ୍ୟମରେ ନଜର ରଖାଯିବ ବୋଲି ଜଣାଇଛି।

ସ୍ଥାନୀୟ ଗ୍ରାମବାସୀମାନେ ମଧ୍ୟ ଏହି ନିଷ୍ପତ୍ତିକୁ ସ୍ୱାଗତ କରିଛନ୍ତି, କାରଣ ଖନନ ଯୋଗୁଁ ଭୂତଳ ଜଳସ୍ତର ତଳକୁ ଖସିଯାଉଥିଲା।

ଆରାବଳୀ ପର୍ବତମାଳା ଥାର୍ ମରୁଭୂମିର ବିସ୍ତାରକୁ ରୋକିବାରେ ପ୍ରାକୃତିକ ପ୍ରାଚୀର ଭାବେ କାମ କରେ। ଏହାର କ୍ଷତି ହେଲେ ଦିଲ୍ଲୀ-ଏନସିଆର ଅଞ୍ଚଳର ବାୟୁ ପ୍ରଦୂଷଣ ଆହୁରି ବଢ଼ିବ।

ଆଗାମୀ ଶୁଣାଣି ଜାନୁଆରୀ ମାସରେ ହେବ ବୋଲି ଆଶା କରାଯାଉଛି।

ଆରାବଳୀ ପର୍ବତମାଳା ସଂରକ୍ଷଣ ପାଇଁ ସର୍ବୋଚ୍ଚ ନ୍ୟାୟାଳୟ ଦେଇଥିବା ସ୍ଥଗିତାଦେଶକୁ ପରିବେଶବିତ୍‌ମାନେ ସ୍ୱାଗତ କରିଛନ୍ତି।

ଦୀର୍ଘ ଦିନ ଧରି ଅବୈଧ ଖଣି ଖନନ ଯୋଗୁଁ ଏହି ପ୍ରାଚୀନ ପର୍ବତମାଳା କ୍ଷତିଗ୍ରସ୍ତ ହେଉଥିଲା ବୋଲି ଅଭିଯୋଗ ହୋଇଆସୁଥିଲା।

ଫୁରୁସତ
ଡାଲୋଲ ସବୁଠୁ ଗରମ ସ୍ଥାନ

ଲୋକମାନେ ଯେଉଁ ଅଞ୍ଚଳକୁ ଗରମ ସ୍ଥାନ ବୋଲି ଭାବନ୍ତି, ତାହା ପ୍ରକୃତରେ କେତେ ଗରମ ତାହା ଜାଣିବା ପାଇଁ ବୈଜ୍ଞାନିକମାନେ ଦୀର୍ଘ ଦିନ ଧରି ଗବେଷଣା କରିଆସୁଛନ୍ତି।

ଇଥିଓପିଆର ଡାନାକିଲ ମରୁଭୂମିରେ ଅବସ୍ଥିତ ଡାଲୋଲ ପୃଥିବୀର ସବୁଠାରୁ ଗରମ ବସତିପୂର୍ଣ୍ଣ ସ୍ଥାନ ଭାବେ ଗଣାଯାଏ।

ଏଠାରେ ବାର୍ଷିକ ହାରାହାରି ତାପମାତ୍ରା ୩୪.୪ ଡିଗ୍ରୀ ସେଲସିୟସ୍ ରହିଥାଏ। ଗ୍ରୀଷ୍ମ ଋତୁରେ ଏହା ୫୦ ଡିଗ୍ରୀ ଅତିକ୍ରମ କରିଥାଏ।	ଡାନାକିଲ ମରୁଭୂମିର ରଙ୍ଗୀନ ଲବଣ କ୍ଷେତ୍ର

ସମୁଦ୍ର ପତ୍ତନଠାରୁ ପ୍ରାୟ ୧୩୦ ମିଟର ତଳେ ଥିବା ଏହି ଅଞ୍ଚଳ ଏକ ଆଗ୍ନେୟଗିରି କ୍ଷେତ୍ର। ଏଠାରେ ଭୂତଳରୁ ଗରମ ଜଳ ଓ ଗ୍ୟାସ ନିର୍ଗତ ହୋଇଥାଏ।

ଏହି ଅଞ୍ଚଳରେ ଲବଣ ଖନନ ଶତାବ୍ଦୀ ଧରି ଚାଲିଆସୁଛି। ଆଫାର ଜନଜାତିର ଲୋକମାନେ ଓଟ କାରଭାନରେ ଲୁଣ ବୋହି ନେଇଥାନ୍ତି।

ବୈଜ୍ଞାନିକମାନଙ୍କ ମତରେ ଏଠାକାର ପରିବେଶ ଅନ୍ୟ ଗ୍ରହର ପରିବେଶ ସହ ସାମଞ୍ଜସ୍ୟ ରଖେ, ତେଣୁ ମଙ୍ଗଳ ଗ୍ରହ ଅଧ୍ୟୟନ ପାଇଁ ଏହା ଗୁରୁତ୍ୱପୂର୍ଣ୍ଣ।

ଗବେଷଣା ପ୍ରତିଷ୍ଠାନ ଦ୍ୱାରା ଜଣାଯାଇଛି ଯେ ଏଠାରେ ଅତ୍ୟନ୍ତ ଅମ୍ଳୀୟ ଜଳରେ ମଧ୍ୟ କେତେକ ସୂକ୍ଷ୍ମ ଜୀବ ବଞ୍ଚି ରହିପାରନ୍ତି।

ପର୍ଯ୍ୟଟକମାନଙ୍କୁ ସ୍ଥାନୀୟ ଗାଇଡ଼ ସହିତ ଯିବାକୁ ପରାମର୍ଶ ଦିଆଯାଏ, କାରଣ ଏଠାକାର ଭୂମି ବିପଜ୍ଜନକ ହୋଇପାରେ।

ବର୍ଷକୁ ପ୍ରାୟ ୧୫୦୦ରୁ ଅଧିକ ପର୍ଯ୍ୟଟକ ଏହି ଅଞ୍ଚଳ ପରିଦର୍ଶନ କରିଥାନ୍ତି।

ଏଠାକାର ରଙ୍ଗବେରଙ୍ଗର ଲବଣ ଗଠନ, ଗନ୍ଧକ ଝରଣା ଏବଂ ଅମ୍ଳୀୟ ପୋଖରୀଗୁଡ଼ିକ ପର୍ଯ୍ୟଟକଙ୍କୁ ଆକର୍ଷିତ କରିଥାଏ।

ଏହି ଅଞ୍ଚଳରେ ଲବଣ ଖନନ ଶତାବ୍ଦୀ ଧରି ଚାଲିଆସୁଛି। ଆଫାର ଜନଜାତିର ଲୋକମାନେ ଓଟ କାରଭାନରେ ଲୁଣ ବୋହି ନେଇଥାନ୍ତି।

ପର୍ଯ୍ୟଟକମାନଙ୍କୁ ସ୍ଥାନୀୟ ଗାଇଡ଼ ସହିତ ଯିବାକୁ ପରାମର୍ଶ ଦିଆଯାଏ, କାରଣ ଏଠାକାର ଭୂମି ବିପଜ୍ଜନକ ହୋଇପାରେ।

ବର୍ଷକୁ ପ୍ରାୟ ୧୫୦୦ରୁ ଅଧିକ ପର୍ଯ୍ୟଟକ ଏହି ଅଞ୍ଚଳ ପରିଦର୍ଶନ କରିଥାନ୍ତି।

ଇଥିଓପିଆର ଡାନାକିଲ ମରୁଭୂମିରେ ଅବସ୍ଥିତ ଡାଲୋଲ ପୃଥିବୀର ସବୁଠାରୁ ଗରମ ବସତିପୂର୍ଣ୍ଣ ସ୍ଥାନ ଭାବେ ଗଣାଯାଏ।

ସମୁଦ୍ର ପତ୍ତନଠାରୁ ପ୍ରାୟ ୧୩୦ ମିଟର ତଳେ ଥିବା ଏହି ଅଞ୍ଚଳ ଏକ ଆଗ୍ନେୟଗିରି କ୍ଷେତ୍ର। ଏଠାରେ ଭୂତଳରୁ ଗରମ ଜଳ ଓ ଗ୍ୟାସ ନିର୍ଗତ ହୋଇଥାଏ।

ୟାମିଙ୍କ ଇଚ୍ଛା

ଅଭିନେତ୍ରୀ ୟାମୀ ଗୌତମ ୨୦୨୫ ବର୍ଷଟିକୁ ନିଜ ପାଇଁ ସ୍ମରଣୀୟ ବୋଲି କହିଛନ୍ତି। ଚଳିତ ବର୍ଷ ତାଙ୍କର ଏକାଧିକ ଚଳଚ୍ଚିତ୍ର ମୁକ୍ତିଲାଭ କରିଛି।

ସେ କହିଛନ୍ତି ଯେ ଆଗାମୀ ବର୍ଷରେ ସେ ଭିନ୍ନ ଧରଣର ଚରିତ୍ରରେ ଅଭିନୟ କରିବାକୁ ଚାହାଁନ୍ତି।

ପରିବାର ଏବଂ କ୍ୟାରିୟର ମଧ୍ୟରେ ସନ୍ତୁଳନ ରଖିବା ସବୁଠାରୁ ବଡ଼ ଚ୍ୟାଲେଞ୍ଜ ବୋଲି ସେ ସ୍ୱୀକାର କରିଛନ୍ତି।

୨୦୨୬ ମସିହାରେ ତାଙ୍କର ଦୁଇଟି ବଡ଼ ପ୍ରକଳ୍ପ ମୁକ୍ତିଲାଭ କରିବ ବୋଲି ଜଣାପଡ଼ିଛି।

ନିଜ ଗାଁ ସହିତ ସମ୍ପର୍କ ବଜାୟ ରଖିବା ତାଙ୍କ ପାଇଁ ଅତ୍ୟନ୍ତ ଗୁରୁତ୍ୱପୂର୍ଣ୍ଣ ବୋଲି ସେ କହିଛନ୍ତି।

୧୩
